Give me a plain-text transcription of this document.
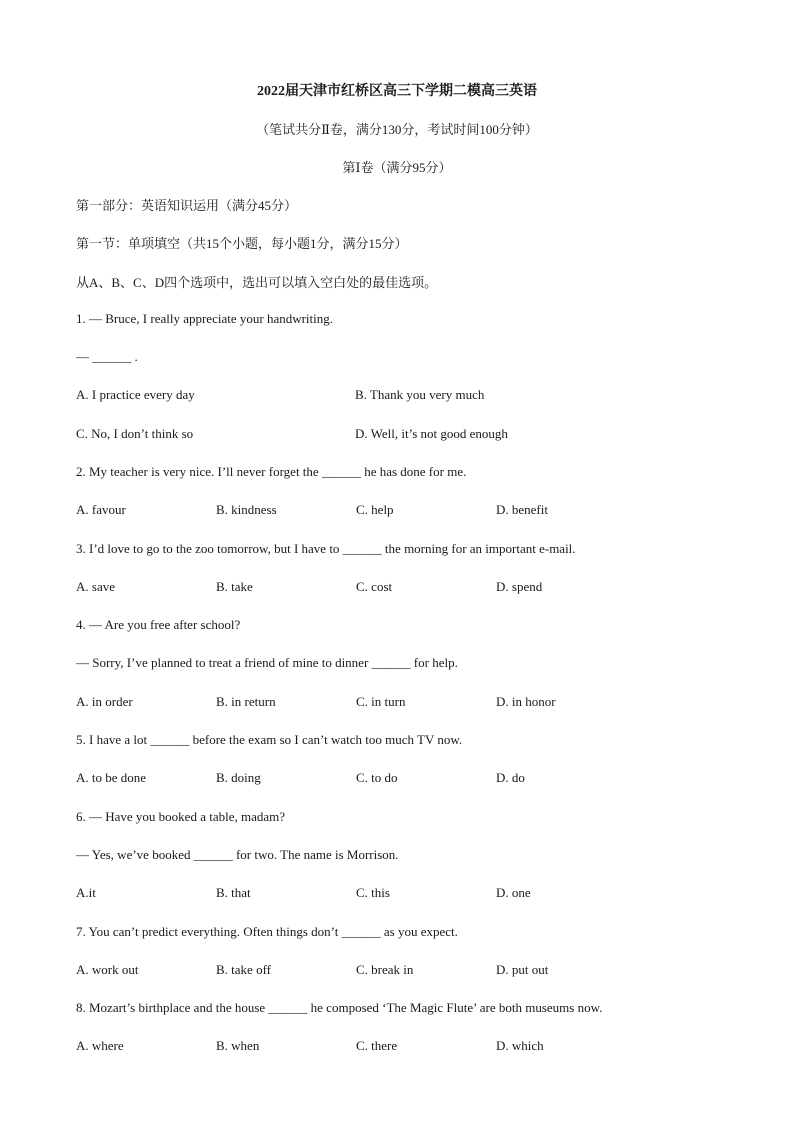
2022届天津市红桥区高三下学期二模高三英语
（笔试共分Ⅱ卷，满分130分，考试时间100分钟）
第Ⅰ卷（满分95分）
第一部分：英语知识运用（满分45分）
第一节：单项填空（共15个小题，每小题1分，满分15分）
从A、B、C、D四个选项中，选出可以填入空白处的最佳选项。
1. — Bruce, I really appreciate your handwriting.
— ______ .
A. I practice every day	B. Thank you very much
C. No, I don’t think so	D. Well, it’s not good enough
2. My teacher is very nice. I’ll never forget the ______ he has done for me.
A. favour	B. kindness	C. help	D. benefit
3. I’d love to go to the zoo tomorrow, but I have to ______ the morning for an important e-mail.
A. save	B. take	C. cost	D. spend
4. — Are you free after school?
— Sorry, I’ve planned to treat a friend of mine to dinner ______ for help.
A. in order	B. in return	C. in turn	D. in honor
5. I have a lot ______ before the exam so I can’t watch too much TV now.
A. to be done	B. doing	C. to do	D. do
6. — Have you booked a table, madam?
— Yes, we’ve booked ______ for two. The name is Morrison.
A.it	B. that	C. this	D. one
7. You can’t predict everything. Often things don’t ______ as you expect.
A. work out	B. take off	C. break in	D. put out
8. Mozart’s birthplace and the house ______ he composed ‘The Magic Flute’ are both museums now.
A. where	B. when	C. there	D. which
